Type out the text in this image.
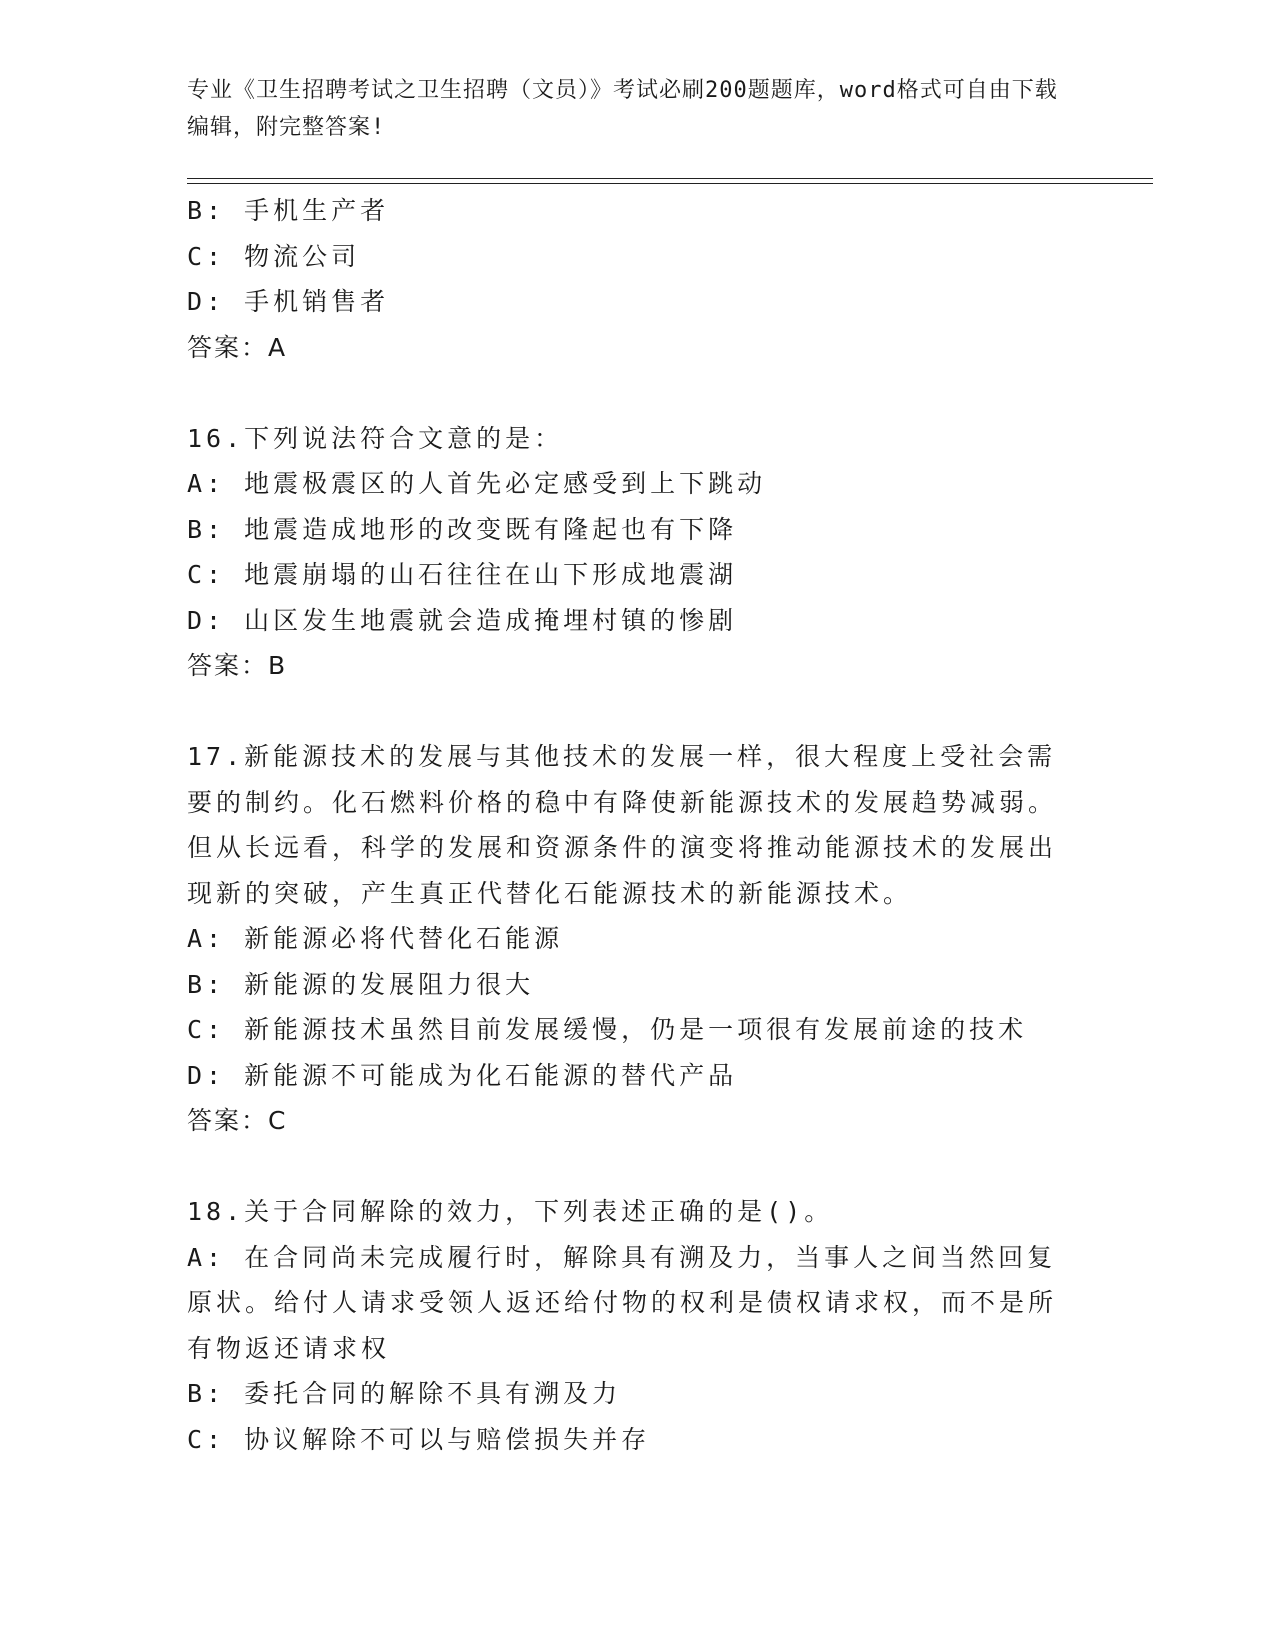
专业《卫生招聘考试之卫生招聘（文员）》考试必刷200题题库，word格式可自由下载编辑，附完整答案!
B: 手机生产者
C: 物流公司
D: 手机销售者
答案：A
16.下列说法符合文意的是：
A: 地震极震区的人首先必定感受到上下跳动
B: 地震造成地形的改变既有隆起也有下降
C: 地震崩塌的山石往往在山下形成地震湖
D: 山区发生地震就会造成掩埋村镇的惨剧
答案：B
17.新能源技术的发展与其他技术的发展一样，很大程度上受社会需要的制约。化石燃料价格的稳中有降使新能源技术的发展趋势减弱。但从长远看，科学的发展和资源条件的演变将推动能源技术的发展出现新的突破，产生真正代替化石能源技术的新能源技术。
A: 新能源必将代替化石能源
B: 新能源的发展阻力很大
C: 新能源技术虽然目前发展缓慢，仍是一项很有发展前途的技术
D: 新能源不可能成为化石能源的替代产品
答案：C
18.关于合同解除的效力，下列表述正确的是()。
A: 在合同尚未完成履行时，解除具有溯及力，当事人之间当然回复原状。给付人请求受领人返还给付物的权利是债权请求权，而不是所有物返还请求权
B: 委托合同的解除不具有溯及力
C: 协议解除不可以与赔偿损失并存
